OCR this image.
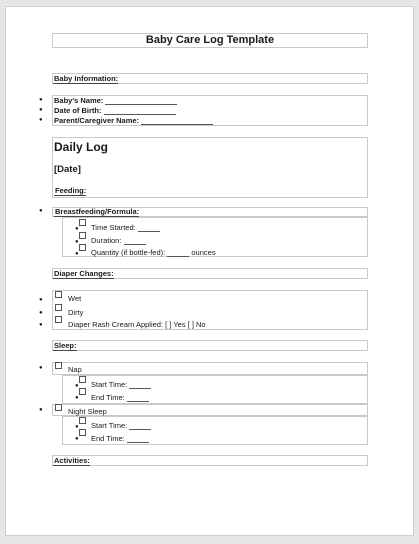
Baby Care Log Template
Baby Information:
● Baby's Name:
● Date of Birth:
● Parent/Caregiver Name:
Daily Log
[Date]
Feeding:
● Breastfeeding/Formula:
● Time Started:
● Duration:
● Quantity (if bottle-fed):	ounces
Diaper Changes:
●	Wet
●	Dirty
●	Diaper Rash Cream Applied: [ ] Yes [ ] No
Sleep:
●	Nap
● Start Time:
● End Time:
●	Night Sleep
● Start Time:
● End Time:
Activities:
